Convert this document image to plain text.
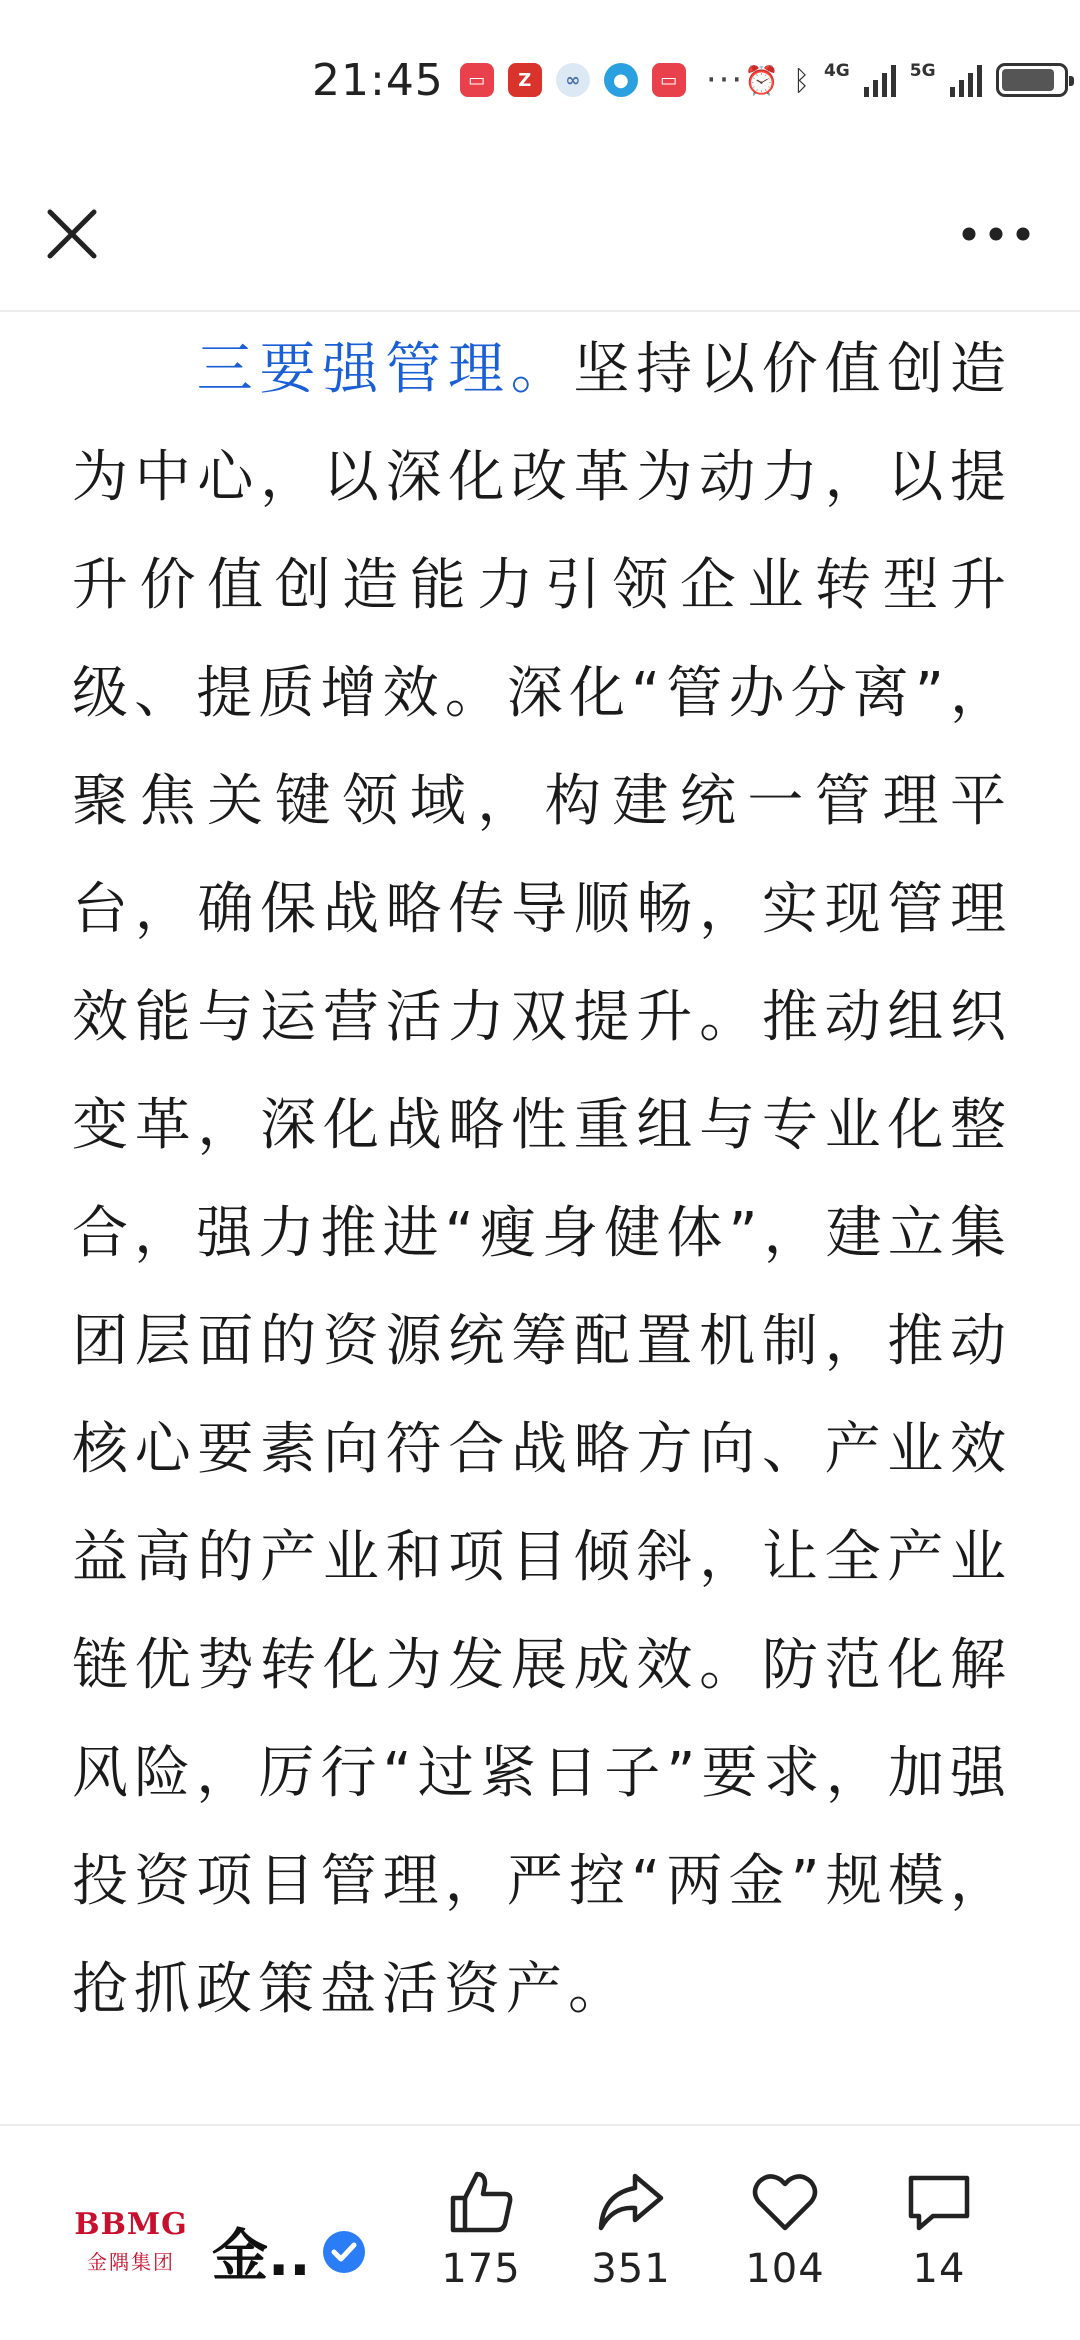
21:45	▭	Z	∞	●	▭ ··· ⏰ ᛒ 4G	5G
三要强管理。坚持以价值创造为中心，以深化改革为动力，以提升价值创造能力引领企业转型升级、提质增效。深化“管办分离”，聚焦关键领域，构建统一管理平台，确保战略传导顺畅，实现管理效能与运营活力双提升。推动组织变革，深化战略性重组与专业化整合，强力推进“瘦身健体”，建立集团层面的资源统筹配置机制，推动核心要素向符合战略方向、产业效益高的产业和项目倾斜，让全产业链优势转化为发展成效。防范化解风险，厉行“过紧日子”要求，加强投资项目管理，严控“两金”规模，抢抓政策盘活资产。
BBMG
金隅集团 金..	175 351 104 14
